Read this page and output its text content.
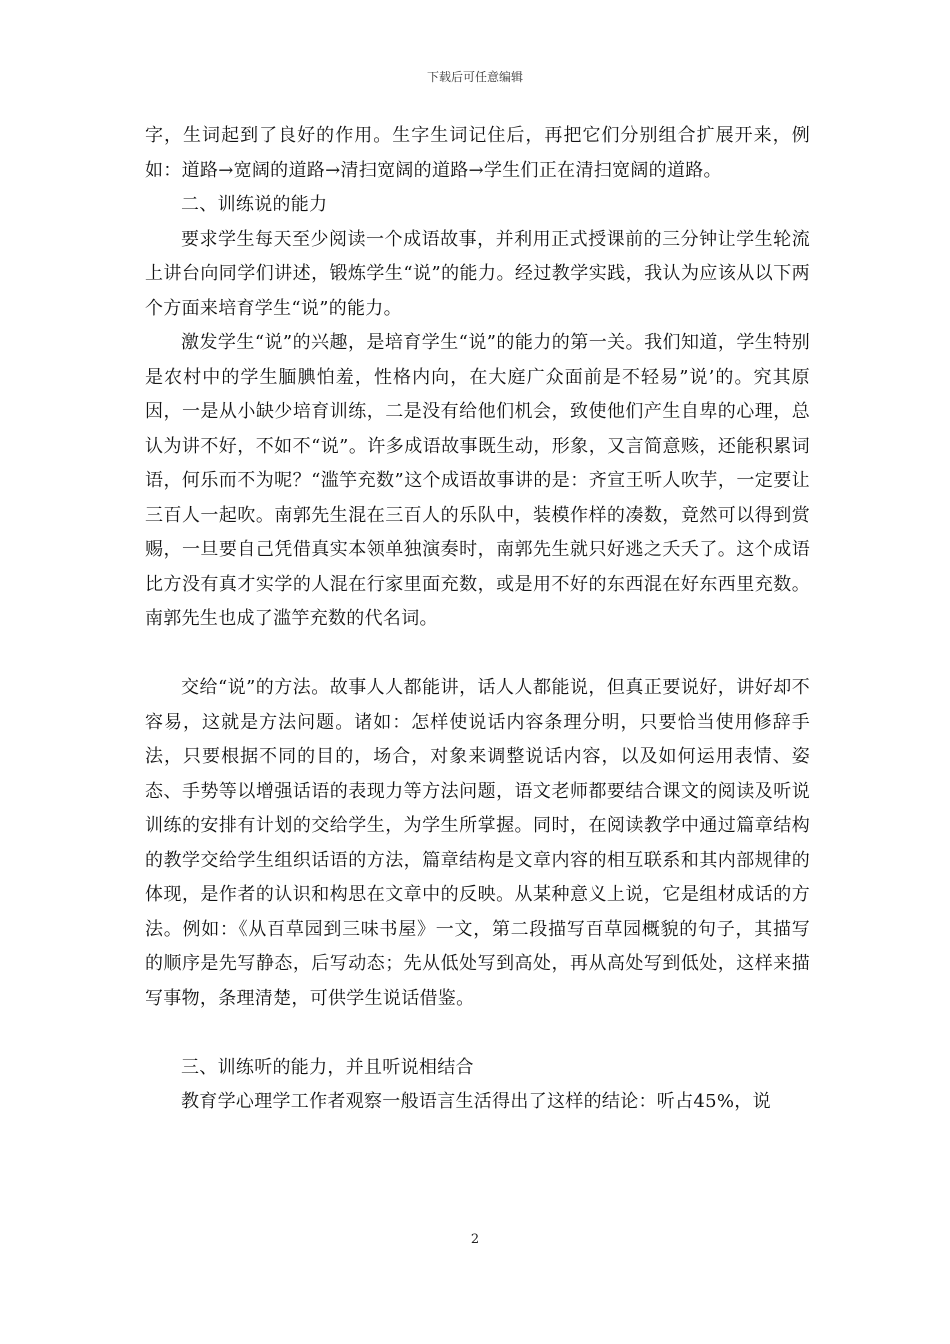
下载后可任意编辑

字，生词起到了良好的作用。生字生词记住后，再把它们分别组合扩展开来，例如：道路→宽阔的道路→清扫宽阔的道路→学生们正在清扫宽阔的道路。

二、训练说的能力

要求学生每天至少阅读一个成语故事，并利用正式授课前的三分钟让学生轮流上讲台向同学们讲述，锻炼学生“说”的能力。经过教学实践，我认为应该从以下两个方面来培育学生“说”的能力。

激发学生“说”的兴趣，是培育学生“说”的能力的第一关。我们知道，学生特别是农村中的学生腼腆怕羞，性格内向，在大庭广众面前是不轻易”说’的。究其原因，一是从小缺少培育训练，二是没有给他们机会，致使他们产生自卑的心理，总认为讲不好，不如不“说”。许多成语故事既生动，形象，又言简意赅，还能积累词语，何乐而不为呢？“滥竽充数”这个成语故事讲的是：齐宣王听人吹芋，一定要让三百人一起吹。南郭先生混在三百人的乐队中，装模作样的凑数，竟然可以得到赏赐，一旦要自己凭借真实本领单独演奏时，南郭先生就只好逃之夭夭了。这个成语比方没有真才实学的人混在行家里面充数，或是用不好的东西混在好东西里充数。南郭先生也成了滥竽充数的代名词。

交给“说”的方法。故事人人都能讲，话人人都能说，但真正要说好，讲好却不容易，这就是方法问题。诸如：怎样使说话内容条理分明，只要恰当使用修辞手法，只要根据不同的目的，场合，对象来调整说话内容，以及如何运用表情、姿态、手势等以增强话语的表现力等方法问题，语文老师都要结合课文的阅读及听说训练的安排有计划的交给学生，为学生所掌握。同时，在阅读教学中通过篇章结构的教学交给学生组织话语的方法，篇章结构是文章内容的相互联系和其内部规律的体现，是作者的认识和构思在文章中的反映。从某种意义上说，它是组材成话的方法。例如：《从百草园到三味书屋》一文，第二段描写百草园概貌的句子，其描写的顺序是先写静态，后写动态；先从低处写到高处，再从高处写到低处，这样来描写事物，条理清楚，可供学生说话借鉴。

三、训练听的能力，并且听说相结合

教育学心理学工作者观察一般语言生活得出了这样的结论：听占45%，说

2
